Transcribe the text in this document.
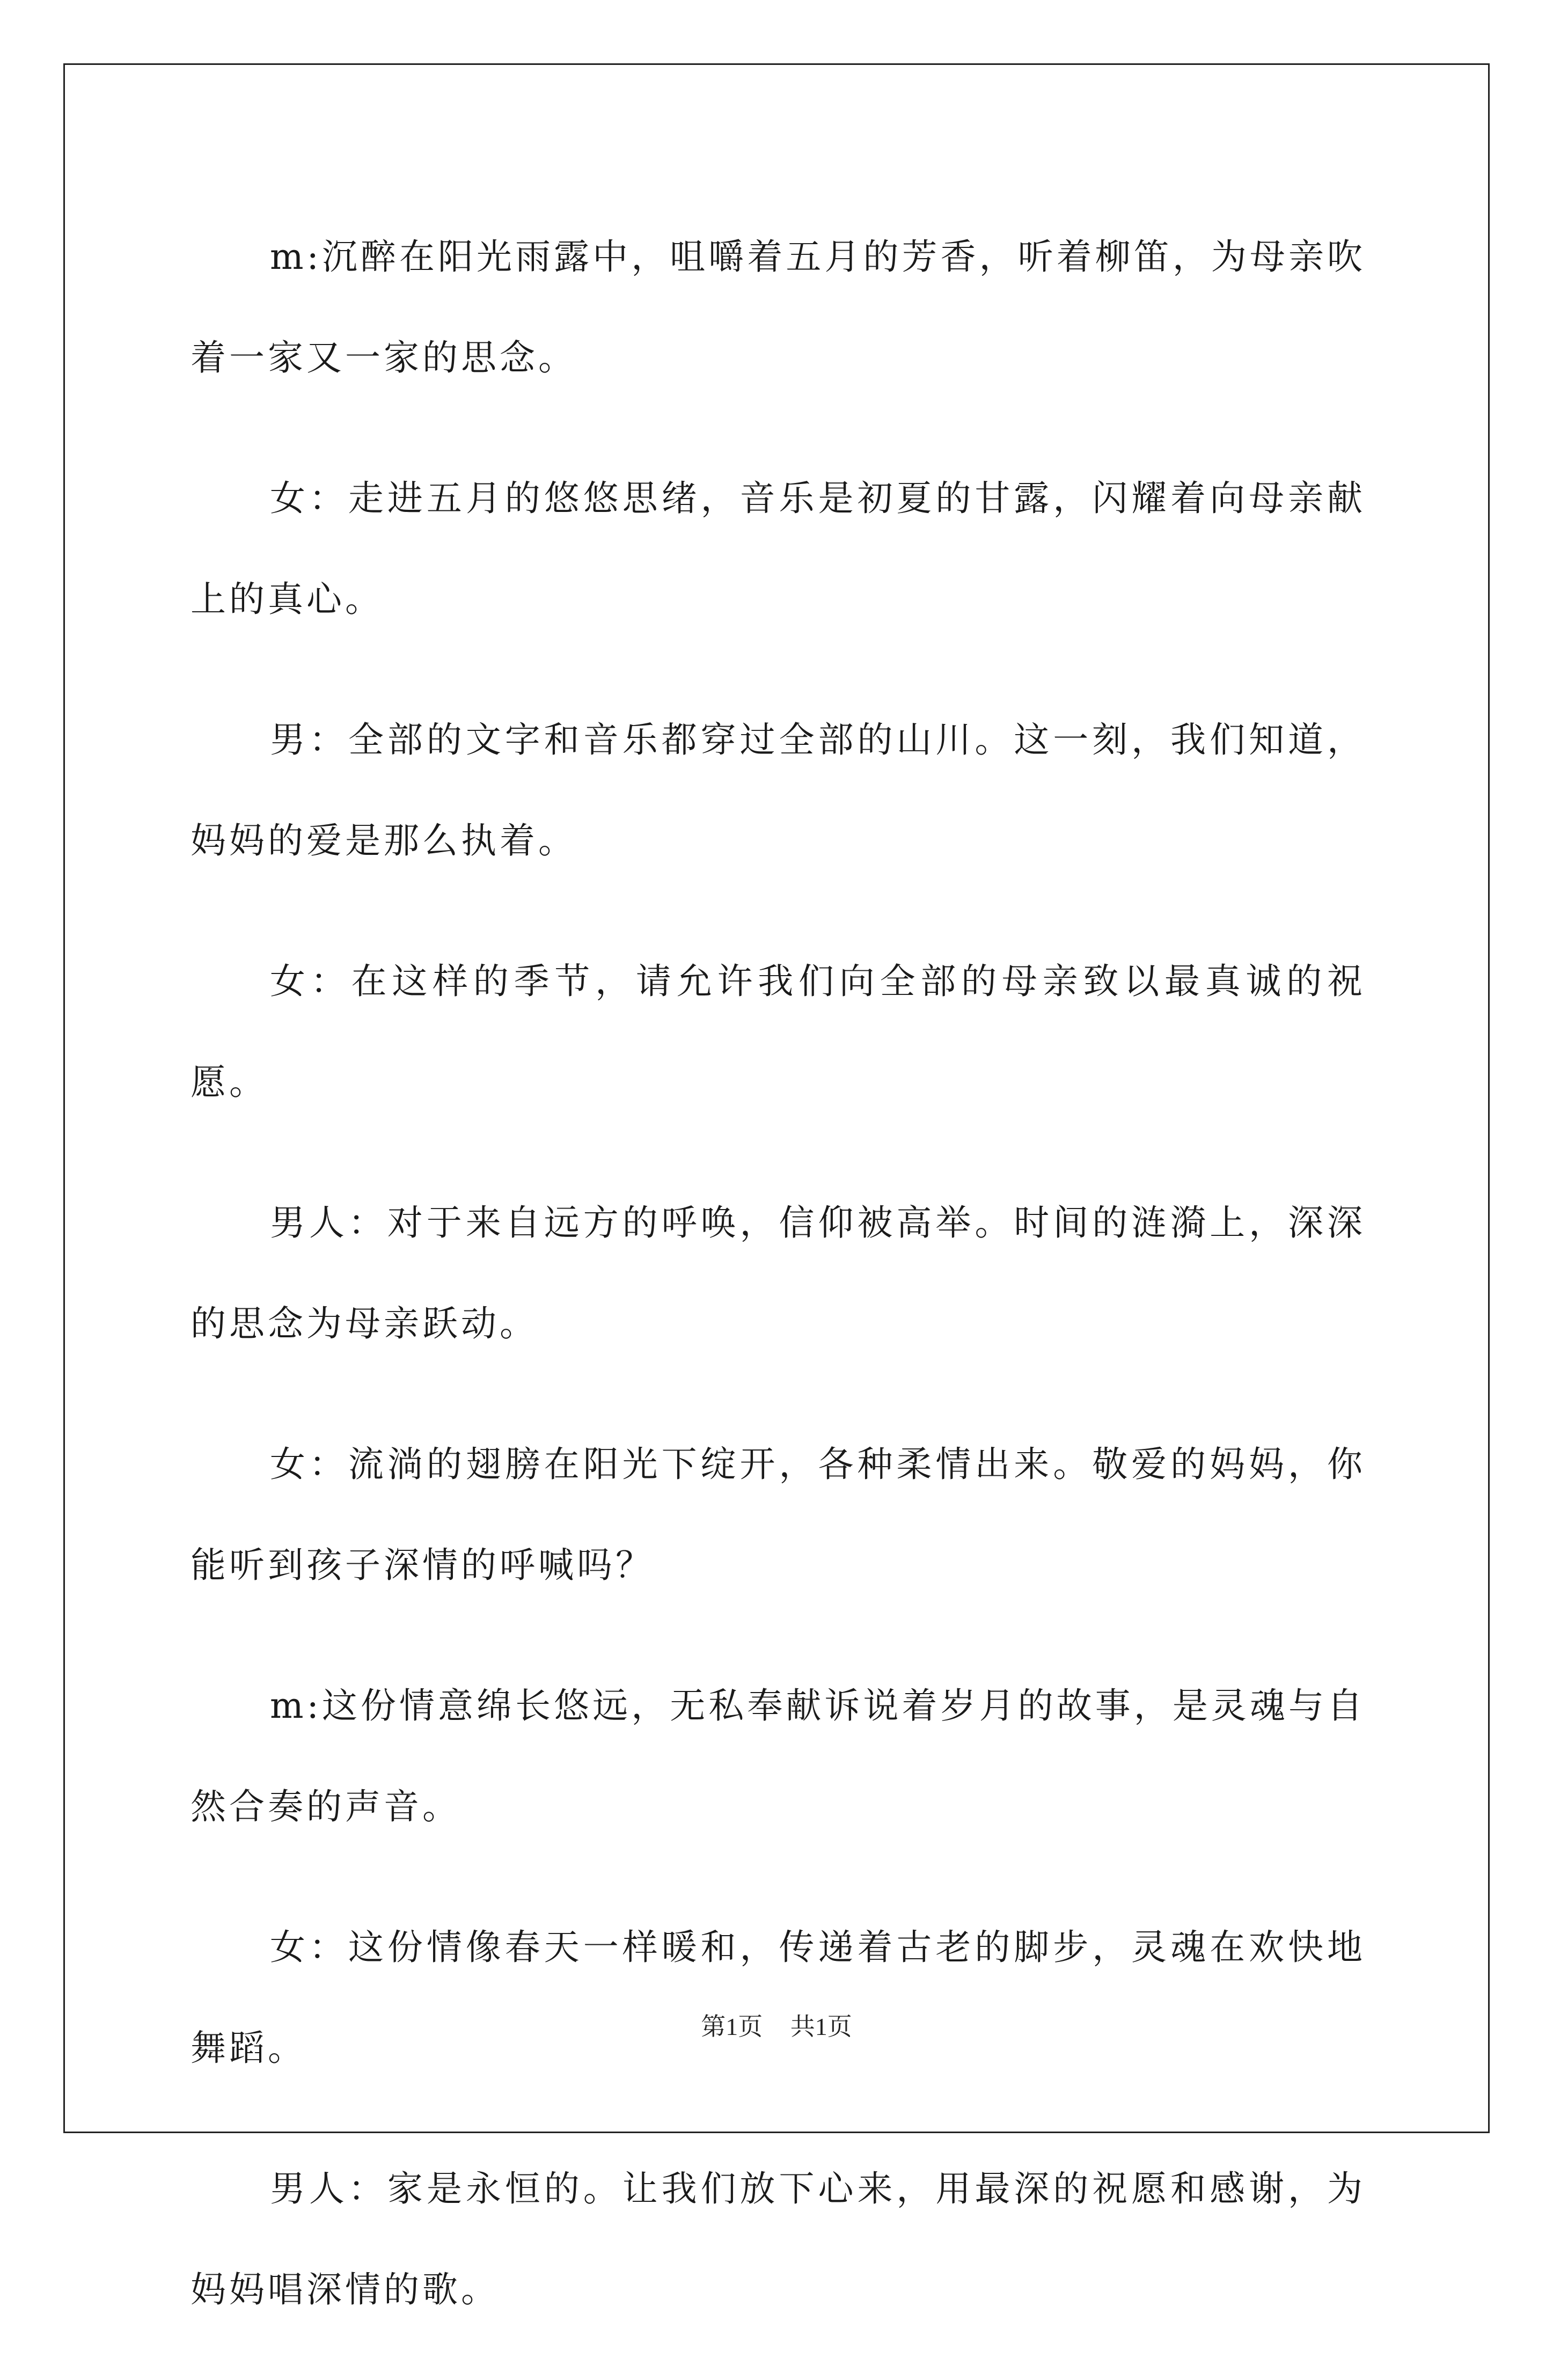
m:沉醉在阳光雨露中，咀嚼着五月的芳香，听着柳笛，为母亲吹着一家又一家的思念。

女：走进五月的悠悠思绪，音乐是初夏的甘露，闪耀着向母亲献上的真心。

男：全部的文字和音乐都穿过全部的山川。这一刻，我们知道，妈妈的爱是那么执着。

女：在这样的季节，请允许我们向全部的母亲致以最真诚的祝愿。

男人：对于来自远方的呼唤，信仰被高举。时间的涟漪上，深深的思念为母亲跃动。

女：流淌的翅膀在阳光下绽开，各种柔情出来。敬爱的妈妈，你能听到孩子深情的呼喊吗？

m:这份情意绵长悠远，无私奉献诉说着岁月的故事，是灵魂与自然合奏的声音。

女：这份情像春天一样暖和，传递着古老的脚步，灵魂在欢快地舞蹈。

男人：家是永恒的。让我们放下心来，用最深的祝愿和感谢，为妈妈唱深情的歌。

第1页 共1页
